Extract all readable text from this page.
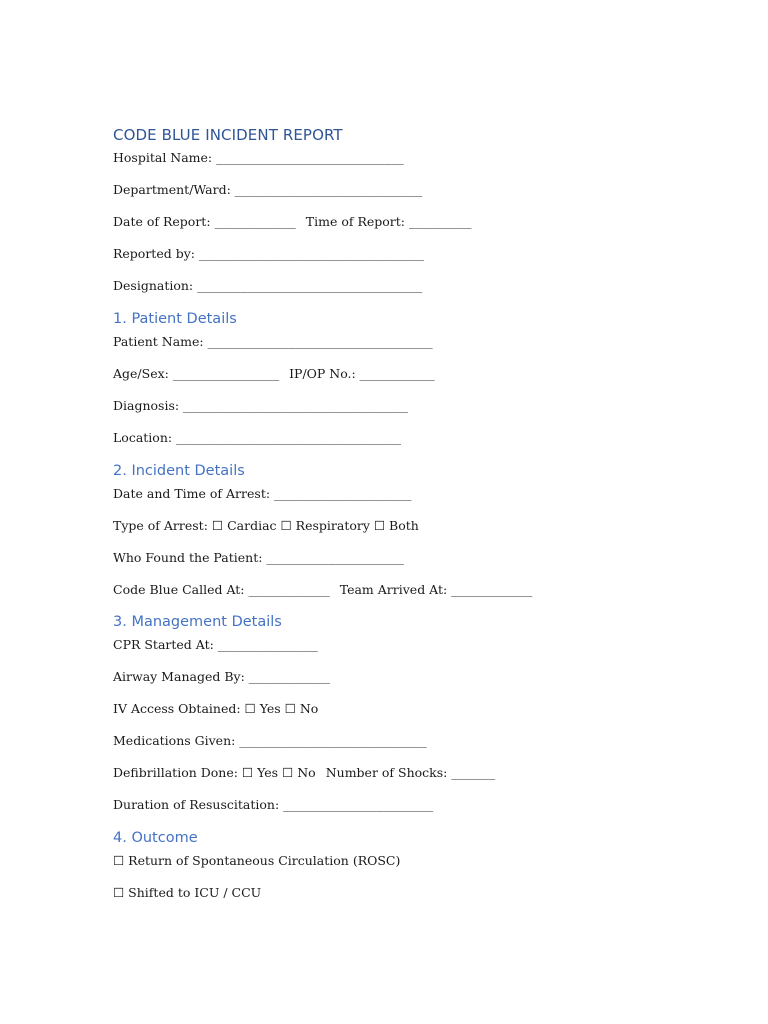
CODE BLUE INCIDENT REPORT
Hospital Name: ______________________________
Department/Ward: ______________________________
Date of Report: _____________ Time of Report: __________
Reported by: ____________________________________
Designation: ____________________________________
1. Patient Details
Patient Name: ____________________________________
Age/Sex: _________________ IP/OP No.: ____________
Diagnosis: ____________________________________
Location: ____________________________________
2. Incident Details
Date and Time of Arrest: ______________________
Type of Arrest: ☐ Cardiac ☐ Respiratory ☐ Both
Who Found the Patient: ______________________
Code Blue Called At: _____________ Team Arrived At: _____________
3. Management Details
CPR Started At: ________________
Airway Managed By: _____________
IV Access Obtained: ☐ Yes ☐ No
Medications Given: ______________________________
Defibrillation Done: ☐ Yes ☐ No Number of Shocks: _______
Duration of Resuscitation: ________________________
4. Outcome
☐ Return of Spontaneous Circulation (ROSC)
☐ Shifted to ICU / CCU
